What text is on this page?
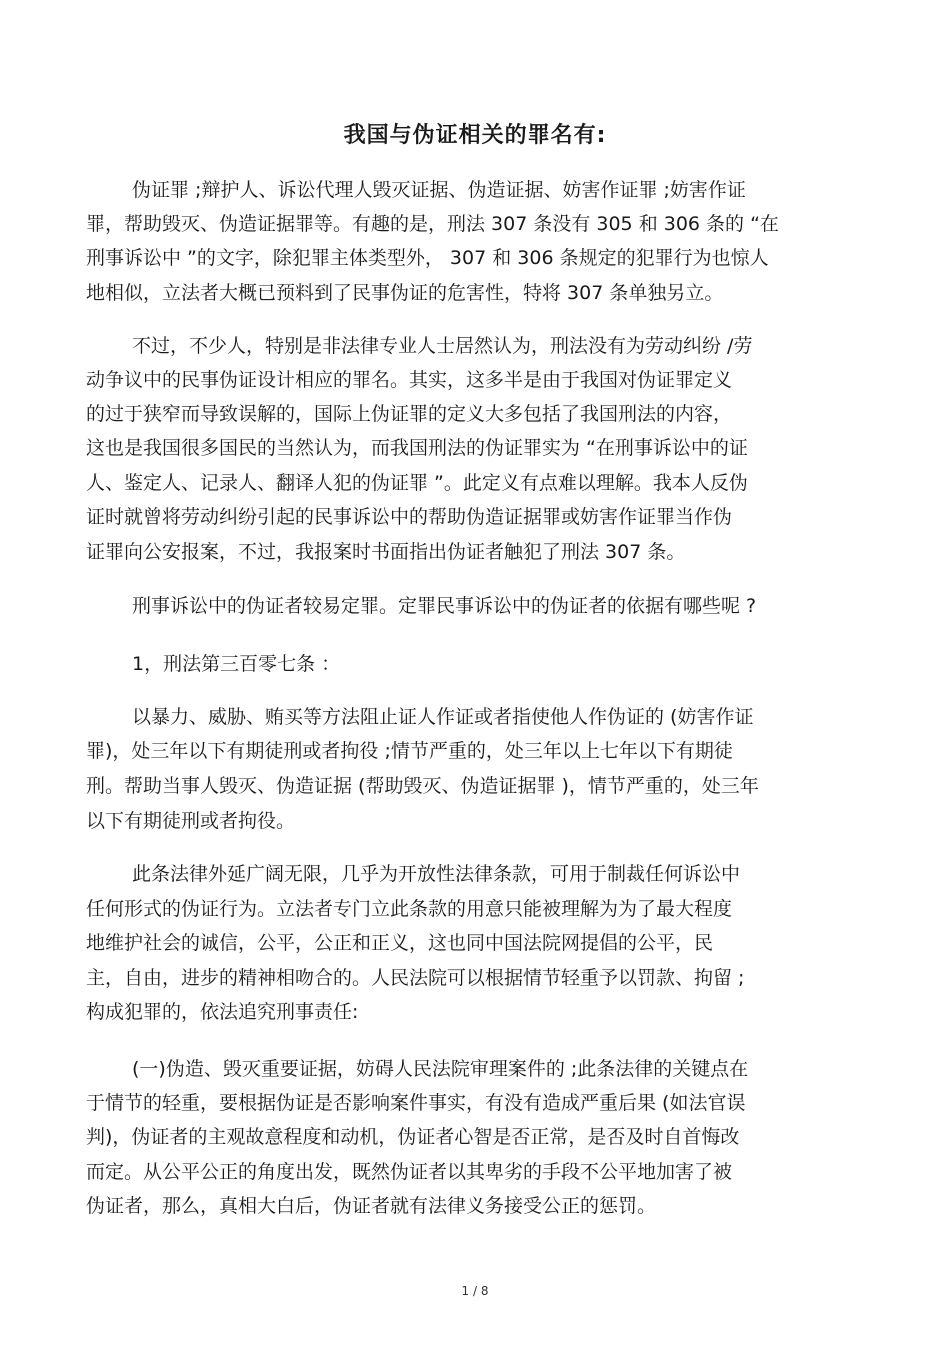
我国与伪证相关的罪名有:

伪证罪 ;辩护人、诉讼代理人毁灭证据、伪造证据、妨害作证罪 ;妨害作证

罪，帮助毁灭、伪造证据罪等。有趣的是，刑法 307 条没有 305 和 306 条的 “在

刑事诉讼中 ”的文字，除犯罪主体类型外， 307 和 306 条规定的犯罪行为也惊人

地相似，立法者大概已预料到了民事伪证的危害性，特将 307 条单独另立。

不过，不少人，特别是非法律专业人士居然认为，刑法没有为劳动纠纷 /劳

动争议中的民事伪证设计相应的罪名。其实，这多半是由于我国对伪证罪定义

的过于狭窄而导致误解的，国际上伪证罪的定义大多包括了我国刑法的内容，

这也是我国很多国民的当然认为，而我国刑法的伪证罪实为 “在刑事诉讼中的证

人、鉴定人、记录人、翻译人犯的伪证罪 ”。此定义有点难以理解。我本人反伪

证时就曾将劳动纠纷引起的民事诉讼中的帮助伪造证据罪或妨害作证罪当作伪

证罪向公安报案，不过，我报案时书面指出伪证者触犯了刑法 307 条。

刑事诉讼中的伪证者较易定罪。定罪民事诉讼中的伪证者的依据有哪些呢 ?

1，刑法第三百零七条 ：

以暴力、威胁、贿买等方法阻止证人作证或者指使他人作伪证的 (妨害作证

罪)，处三年以下有期徒刑或者拘役 ;情节严重的，处三年以上七年以下有期徒

刑。帮助当事人毁灭、伪造证据 (帮助毁灭、伪造证据罪 )，情节严重的，处三年

以下有期徒刑或者拘役。

此条法律外延广阔无限，几乎为开放性法律条款，可用于制裁任何诉讼中

任何形式的伪证行为。立法者专门立此条款的用意只能被理解为为了最大程度

地维护社会的诚信，公平，公正和正义，这也同中国法院网提倡的公平，民

主，自由，进步的精神相吻合的。人民法院可以根据情节轻重予以罚款、拘留 ;

构成犯罪的，依法追究刑事责任:

(一)伪造、毁灭重要证据，妨碍人民法院审理案件的 ;此条法律的关键点在

于情节的轻重，要根据伪证是否影响案件事实，有没有造成严重后果 (如法官误

判)，伪证者的主观故意程度和动机，伪证者心智是否正常，是否及时自首悔改

而定。从公平公正的角度出发，既然伪证者以其卑劣的手段不公平地加害了被

伪证者，那么，真相大白后，伪证者就有法律义务接受公正的惩罚。

1 / 8
